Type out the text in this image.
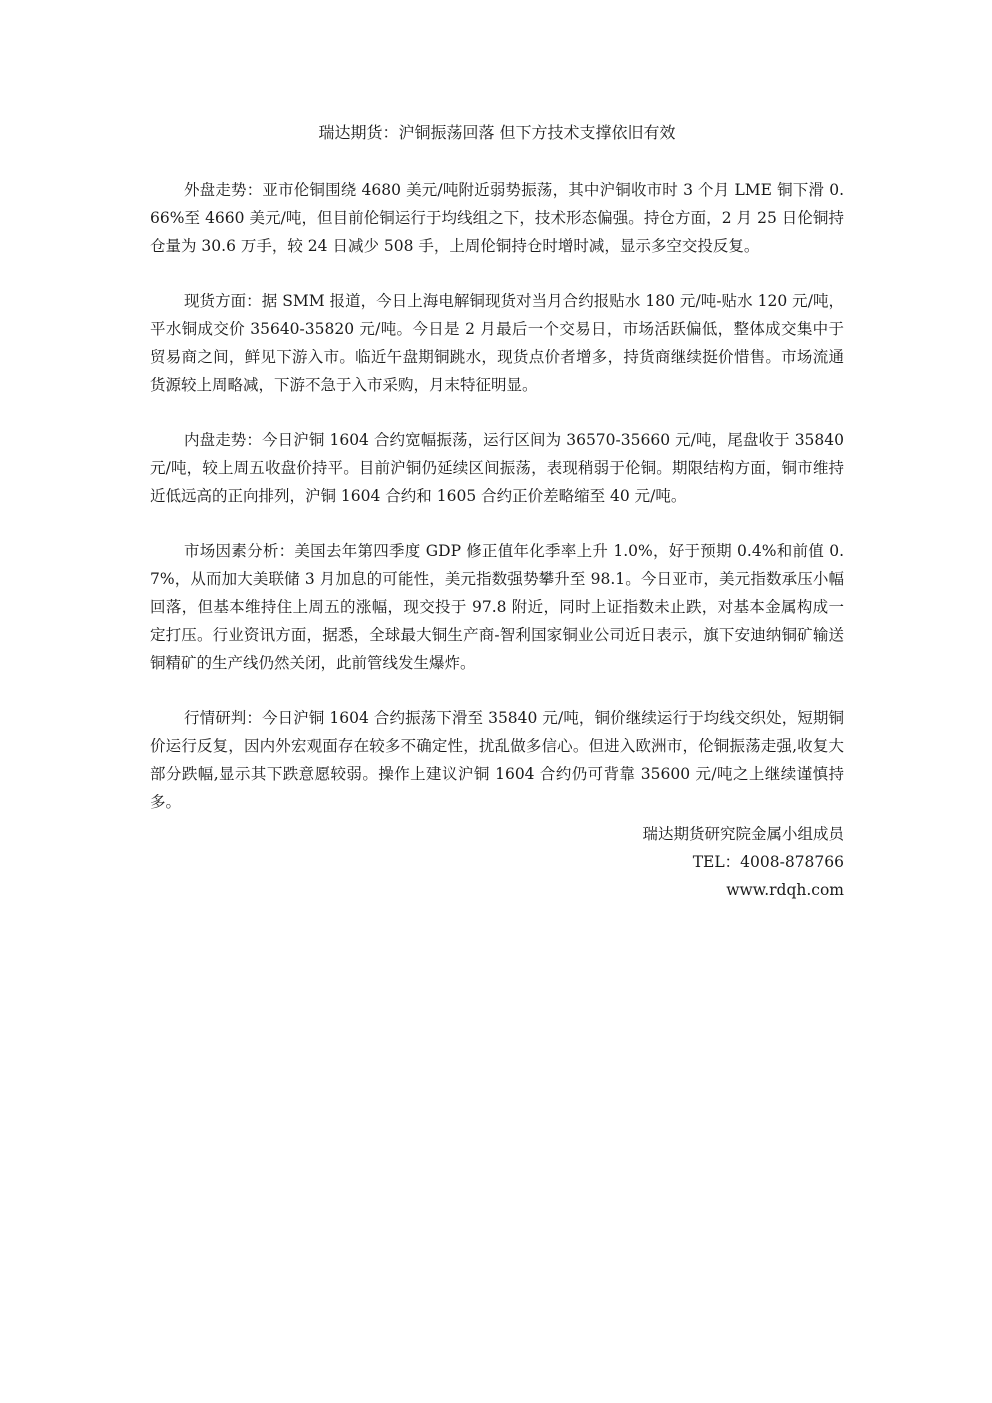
瑞达期货：沪铜振荡回落 但下方技术支撑依旧有效

外盘走势：亚市伦铜围绕 4680 美元/吨附近弱势振荡，其中沪铜收市时 3 个月 LME 铜下滑 0.66%至 4660 美元/吨，但目前伦铜运行于均线组之下，技术形态偏强。持仓方面，2 月 25 日伦铜持仓量为 30.6 万手，较 24 日减少 508 手，上周伦铜持仓时增时减，显示多空交投反复。

现货方面：据 SMM 报道，今日上海电解铜现货对当月合约报贴水 180 元/吨-贴水 120 元/吨，平水铜成交价 35640-35820 元/吨。今日是 2 月最后一个交易日，市场活跃偏低，整体成交集中于贸易商之间，鲜见下游入市。临近午盘期铜跳水，现货点价者增多，持货商继续挺价惜售。市场流通货源较上周略减，下游不急于入市采购，月末特征明显。

内盘走势：今日沪铜 1604 合约宽幅振荡，运行区间为 36570-35660 元/吨，尾盘收于 35840 元/吨，较上周五收盘价持平。目前沪铜仍延续区间振荡，表现稍弱于伦铜。期限结构方面，铜市维持近低远高的正向排列，沪铜 1604 合约和 1605 合约正价差略缩至 40 元/吨。

市场因素分析：美国去年第四季度 GDP 修正值年化季率上升 1.0%，好于预期 0.4%和前值 0.7%，从而加大美联储 3 月加息的可能性，美元指数强势攀升至 98.1。今日亚市，美元指数承压小幅回落，但基本维持住上周五的涨幅，现交投于 97.8 附近，同时上证指数未止跌，对基本金属构成一定打压。行业资讯方面，据悉，全球最大铜生产商-智利国家铜业公司近日表示，旗下安迪纳铜矿输送铜精矿的生产线仍然关闭，此前管线发生爆炸。

行情研判：今日沪铜 1604 合约振荡下滑至 35840 元/吨，铜价继续运行于均线交织处，短期铜价运行反复，因内外宏观面存在较多不确定性，扰乱做多信心。但进入欧洲市，伦铜振荡走强,收复大部分跌幅,显示其下跌意愿较弱。操作上建议沪铜 1604 合约仍可背靠 35600 元/吨之上继续谨慎持多。

瑞达期货研究院金属小组成员
TEL：4008-878766
www.rdqh.com
